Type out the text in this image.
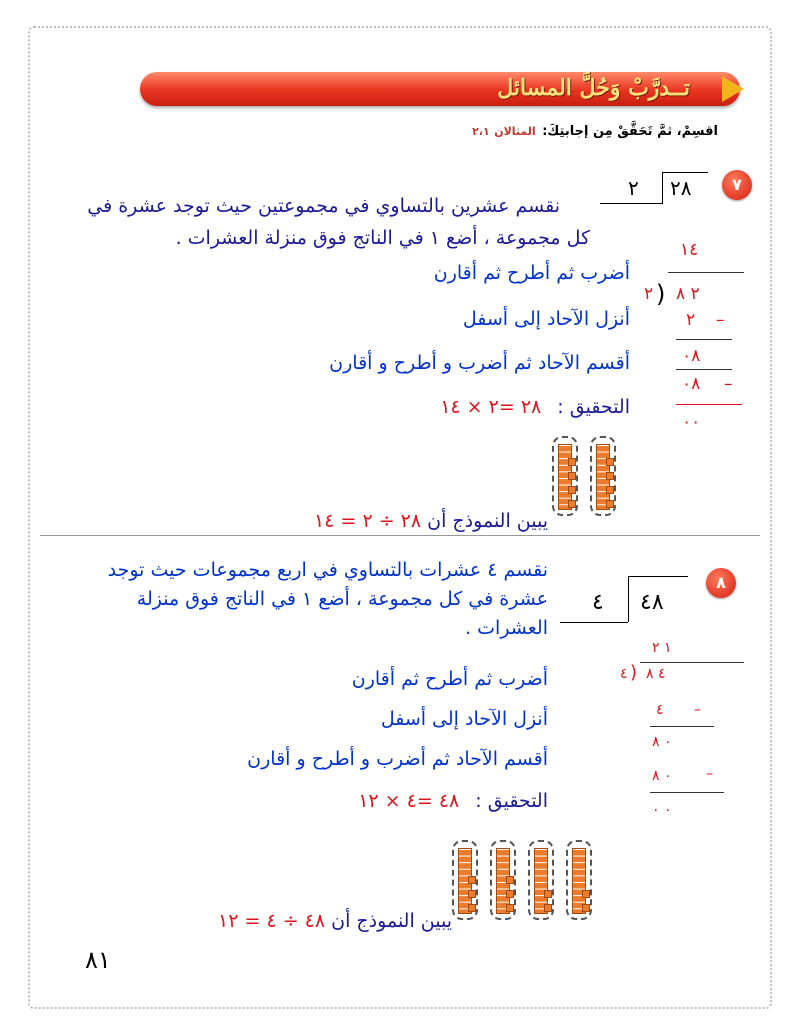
تــدرَّبْ وَحُلَّ المسائل
اقسِمْ، ثمَّ تَحَقَّقْ مِن إجابتِكَ: المثالان ٢،١
٧
٢ ٢٨
نقسم عشرين بالتساوي في مجموعتين حيث توجد عشرة في كل مجموعة ، أضع ١ في الناتج فوق منزلة العشرات .
أضرب ثم أطرح ثم أقارن
أنزل الآحاد إلى أسفل
أقسم الآحاد ثم أضرب و أطرح و أقارن
التحقيق : ٢٨ =٢ × ١٤
١٤
٢ ) ٢ ٨
٢ –
٠٨
٠٨ –
٠٠
يبين النموذج أن ٢٨ ÷ ٢ = ١٤
٨
٤ ٤٨
نقسم ٤ عشرات بالتساوي في اربع مجموعات حيث توجد عشرة في كل مجموعة ، أضع ١ في الناتج فوق منزلة العشرات .
أضرب ثم أطرح ثم أقارن
أنزل الآحاد إلى أسفل
أقسم الآحاد ثم أضرب و أطرح و أقارن
التحقيق : ٤٨ =٤ × ١٢
١ ٢
٤ ) ٤ ٨
٤ –
٠ ٨
٠ ٨ –
٠ ٠
يبين النموذج أن ٤٨ ÷ ٤ = ١٢
٨١
